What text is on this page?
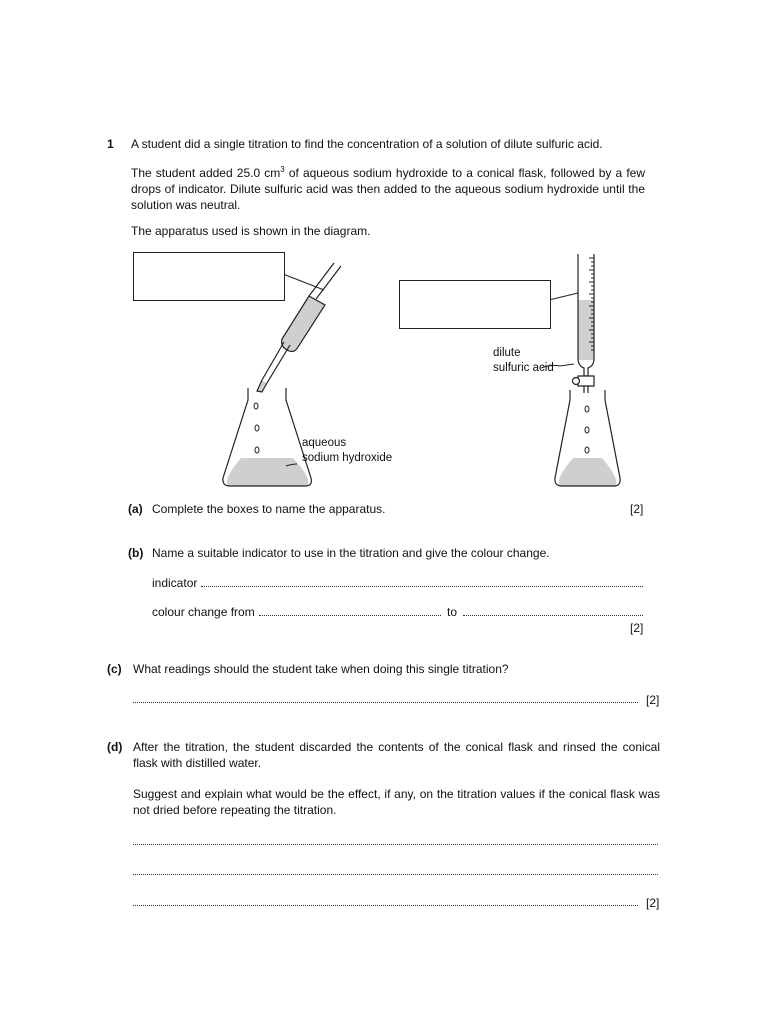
1 A student did a single titration to find the concentration of a solution of dilute sulfuric acid.
The student added 25.0 $cm^3$ of aqueous sodium hydroxide to a conical flask, followed by a few drops of indicator. Dilute sulfuric acid was then added to the aqueous sodium hydroxide until the solution was neutral.
The apparatus used is shown in the diagram.
aqueous
sodium hydroxide
dilute
sulfuric acid
(a) Complete the boxes to name the apparatus.	[2]
(b) Name a suitable indicator to use in the titration and give the colour change.
indicator
colour change from	to
[2]
(c) What readings should the student take when doing this single titration?
[2]
(d) After the titration, the student discarded the contents of the conical flask and rinsed the conical flask with distilled water.
Suggest and explain what would be the effect, if any, on the titration values if the conical flask was not dried before repeating the titration.
[2]
